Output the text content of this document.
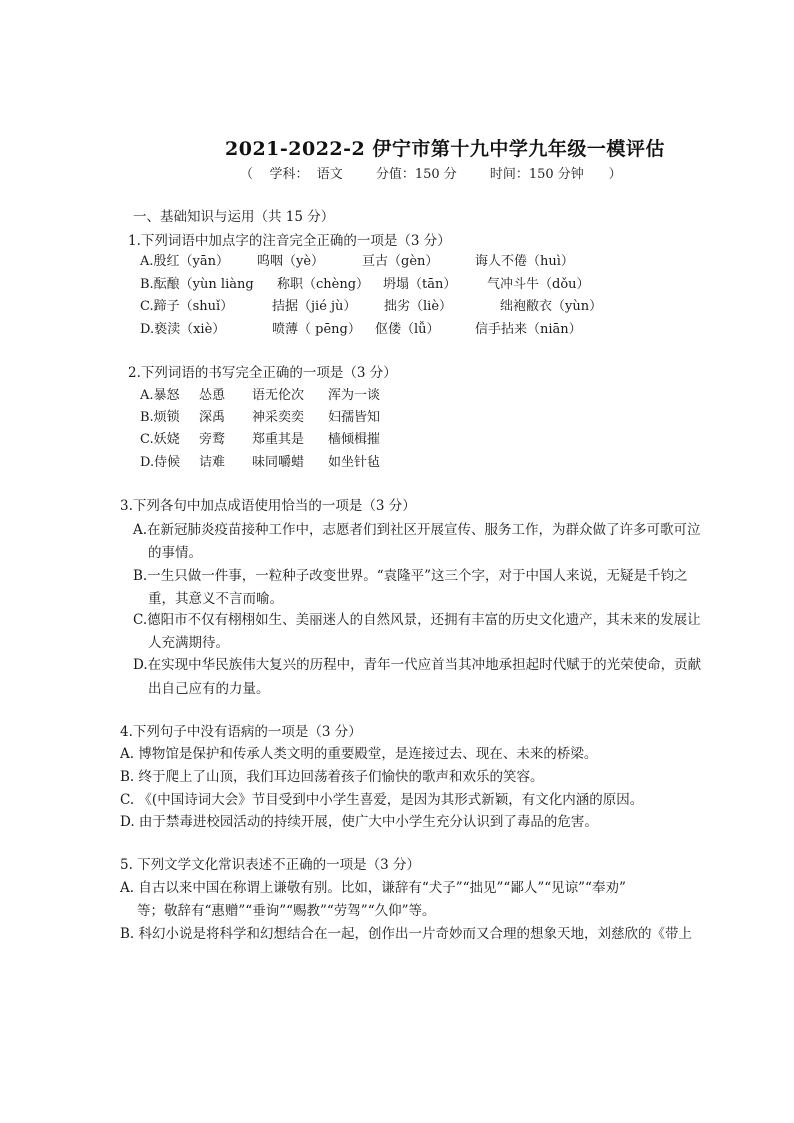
2021-2022-2 伊宁市第十九中学九年级一模评估
（    学科：  语文        分值：150 分        时间：150 分钟      ）
一、基础知识与运用（共 15 分）
1.下列词语中加点字的注音完全正确的一项是（3 分）
A.殷红（yān） 呜咽（yè）	亘古（gèn）	诲人不倦（huì）
B.酝酿（yùn liàng 称职（chèng） 坍塌（tān） 气冲斗牛（dǒu）
C.蹄子（shuǐ）	拮据（jié jù） 拙劣（liè）	绌袍敝衣（yùn）
D.亵渎（xiè）	喷薄（ pēng） 伛偻（lǚ）	信手拈来（niān）
2.下列词语的书写完全正确的一项是（3 分）
A.暴怒 怂恿 语无伦次 浑为一谈
B.烦锁 深禹 神采奕奕 妇孺皆知
C.妖娆 旁鹜 郑重其是 樯倾楫摧
D.侍候 诘难 味同嚼蜡 如坐针毡
3.下列各句中加点成语使用恰当的一项是（3 分）
A.在新冠肺炎疫苗接种工作中，志愿者们到社区开展宣传、服务工作，为群众做了许多可歌可泣
的事情。
B.一生只做一件事，一粒种子改变世界。“袁隆平”这三个字，对于中国人来说，无疑是千钧之
重，其意义不言而喻。
C.德阳市不仅有栩栩如生、美丽迷人的自然风景，还拥有丰富的历史文化遗产，其未来的发展让
人充满期待。
D.在实现中华民族伟大复兴的历程中，青年一代应首当其冲地承担起时代赋于的光荣使命，贡献
出自己应有的力量。
4.下列句子中没有语病的一项是（3 分）
A. 博物馆是保护和传承人类文明的重要殿堂，是连接过去、现在、未来的桥梁。
B. 终于爬上了山顶，我们耳边回荡着孩子们愉快的歌声和欢乐的笑容。
C. 《(中国诗词大会》节目受到中小学生喜爱，是因为其形式新颖，有文化内涵的原因。
D. 由于禁毒进校园活动的持续开展，使广大中小学生充分认识到了毒品的危害。
5. 下列文学文化常识表述不正确的一项是（3 分）
A. 自古以来中国在称谓上谦敬有别。比如，谦辞有“犬子”“拙见”“鄙人”“见谅”“奉劝”
等；敬辞有“惠赠”“垂询”“赐教”“劳驾”“久仰”等。
B. 科幻小说是将科学和幻想结合在一起，创作出一片奇妙而又合理的想象天地，刘慈欣的《带上
